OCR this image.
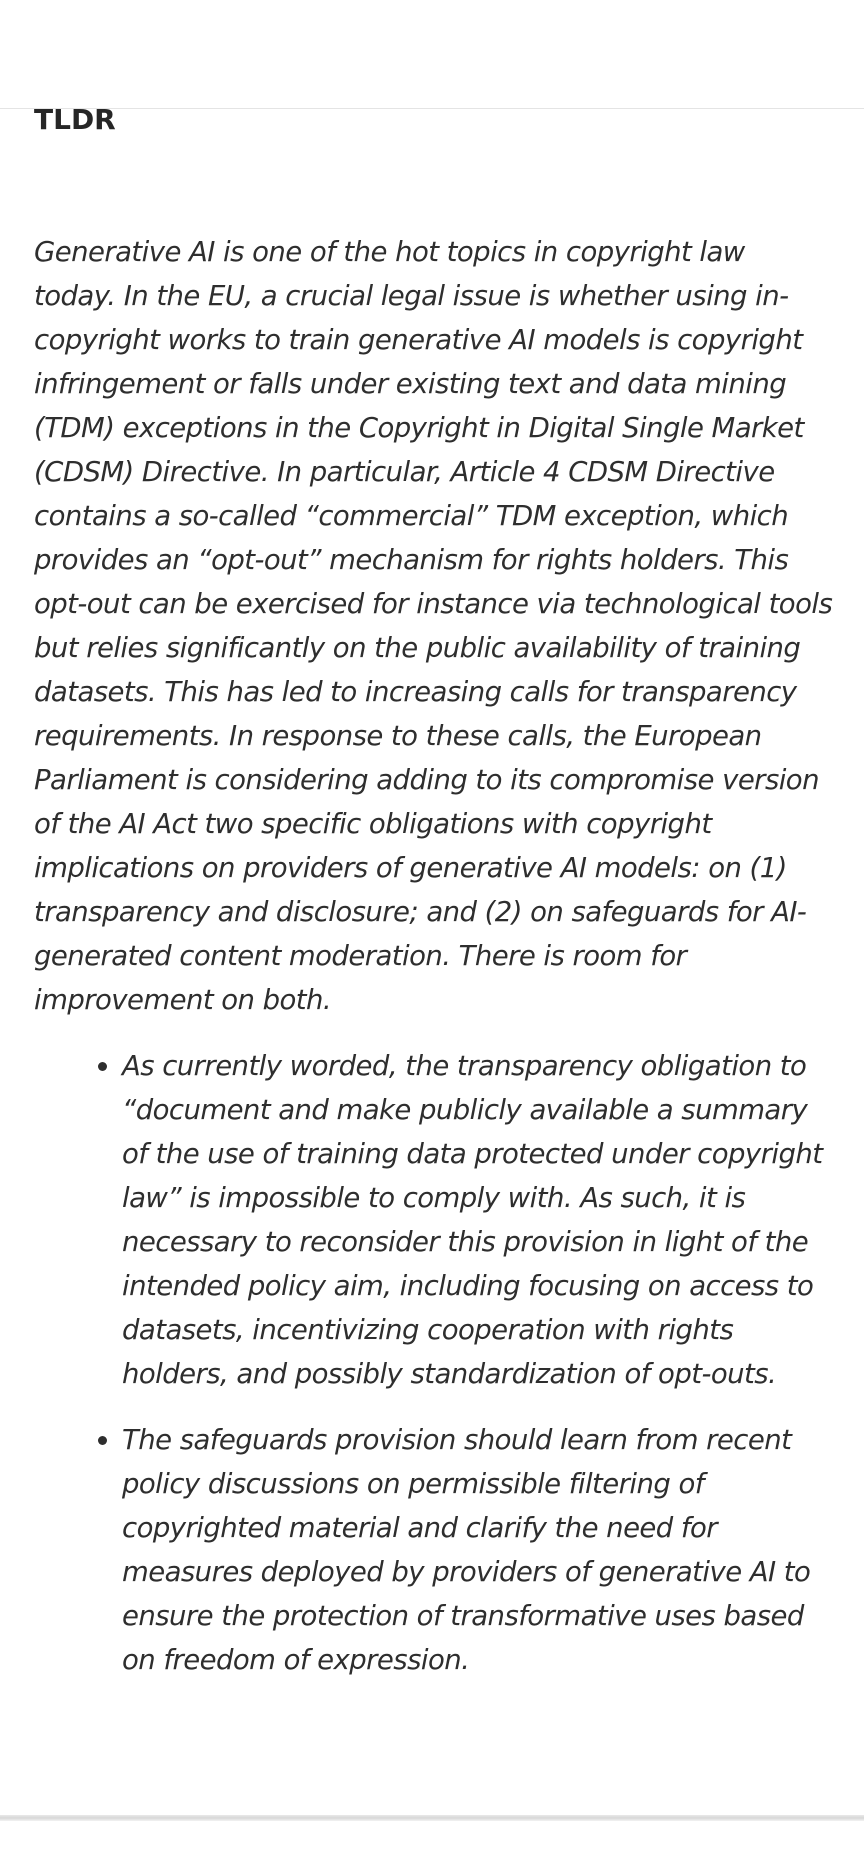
TLDR

Generative AI is one of the hot topics in copyright law today. In the EU, a crucial legal issue is whether using in-copyright works to train generative AI models is copyright infringement or falls under existing text and data mining (TDM) exceptions in the Copyright in Digital Single Market (CDSM) Directive. In particular, Article 4 CDSM Directive contains a so-called “commercial” TDM exception, which provides an “opt-out” mechanism for rights holders. This opt-out can be exercised for instance via technological tools but relies significantly on the public availability of training datasets. This has led to increasing calls for transparency requirements. In response to these calls, the European Parliament is considering adding to its compromise version of the AI Act two specific obligations with copyright implications on providers of generative AI models: on (1) transparency and disclosure; and (2) on safeguards for AI-generated content moderation. There is room for improvement on both.

As currently worded, the transparency obligation to “document and make publicly available a summary of the use of training data protected under copyright law” is impossible to comply with. As such, it is necessary to reconsider this provision in light of the intended policy aim, including focusing on access to datasets, incentivizing cooperation with rights holders, and possibly standardization of opt-outs.
The safeguards provision should learn from recent policy discussions on permissible filtering of copyrighted material and clarify the need for measures deployed by providers of generative AI to ensure the protection of transformative uses based on freedom of expression.
